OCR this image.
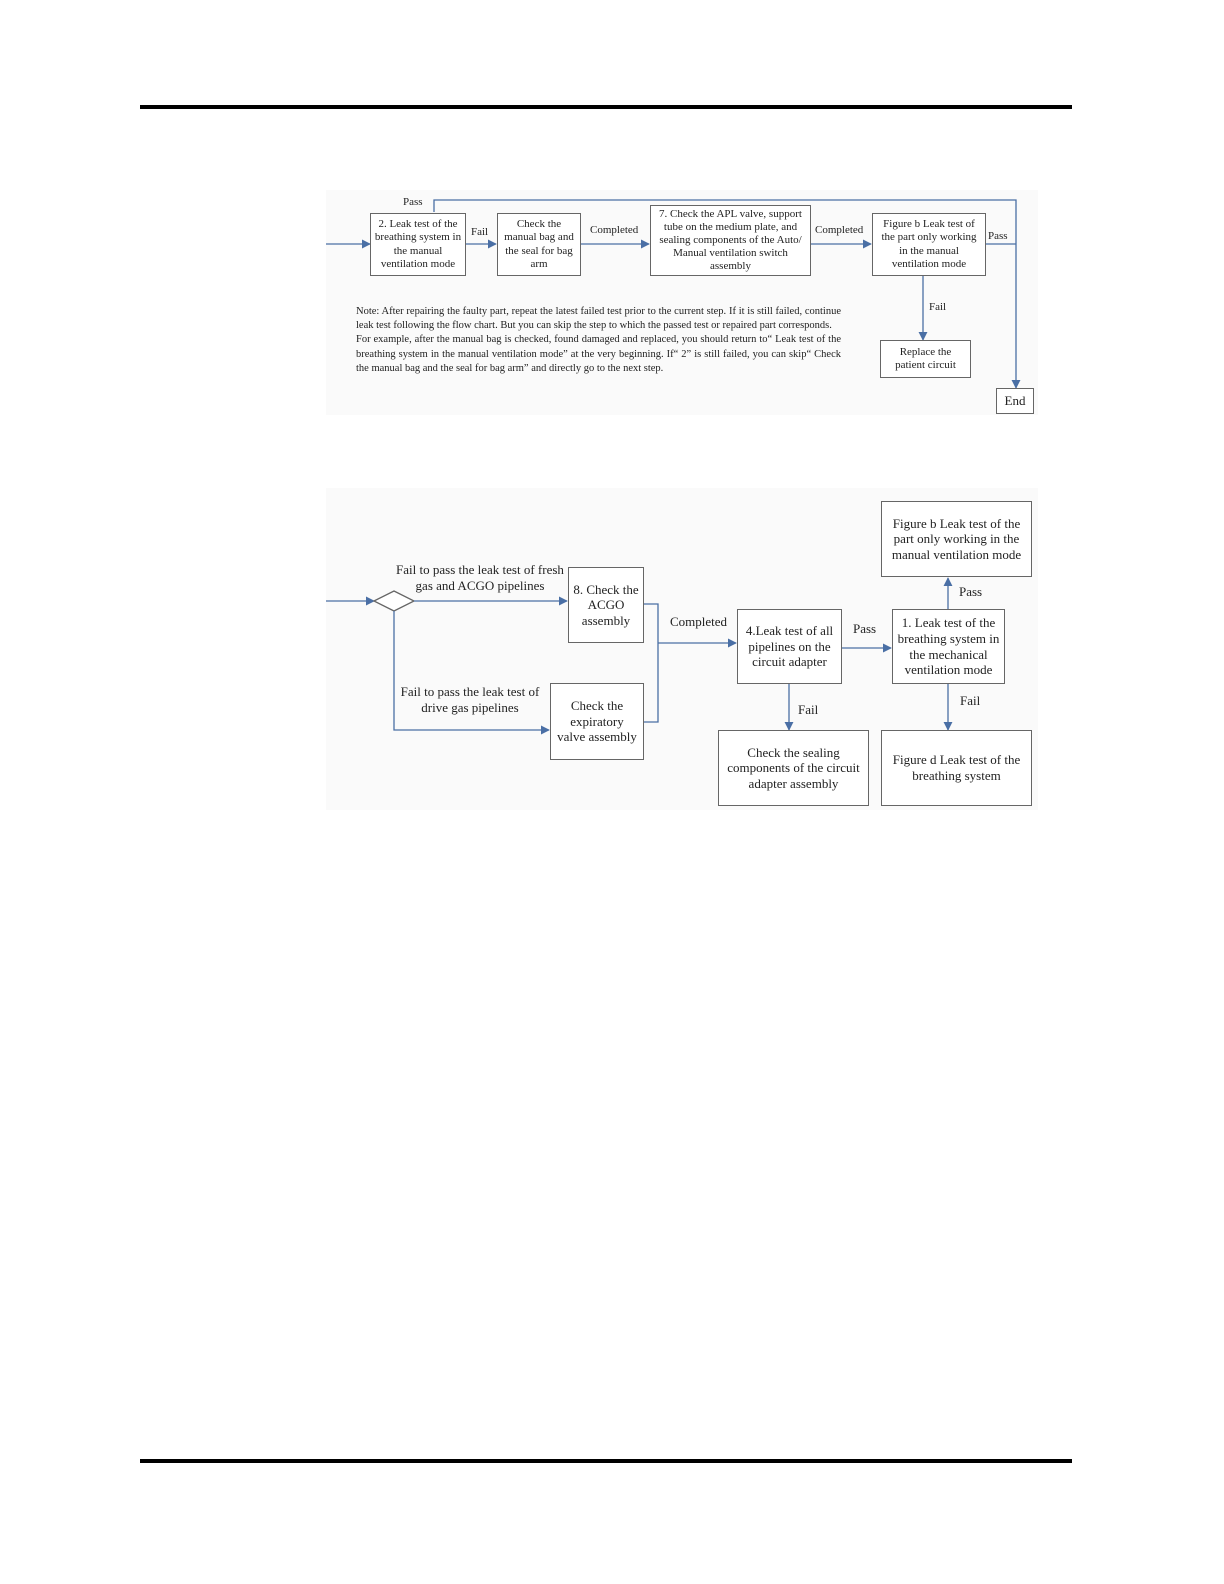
2. Leak test of the breathing system in the manual ventilation mode
Check the manual bag and the seal for bag arm
7. Check the APL valve, support tube on the medium plate, and sealing components of the Auto/ Manual ventilation switch assembly
Figure b Leak test of the part only working in the manual ventilation mode
Replace the patient circuit
End
Pass
Fail	Completed	Completed	Pass
Fail

Note: After repairing the faulty part, repeat the latest failed test prior to the current step. If it is still failed, continue leak test following the flow chart. But you can skip the step to which the passed test or repaired part corresponds.

For example, after the manual bag is checked, found damaged and replaced, you should return to“ Leak test of the breathing system in the manual ventilation mode” at the very beginning. If“ 2” is still failed, you can skip“ Check the manual bag and the seal for bag arm” and directly go to the next step.

8. Check the ACGO assembly
Check the expiratory valve assembly
4.Leak test of all pipelines on the circuit adapter
1. Leak test of the breathing system in the mechanical ventilation mode
Figure b Leak test of the part only working in the manual ventilation mode
Check the sealing components of the circuit adapter assembly
Figure d Leak test of the breathing system
Fail to pass the leak test of fresh gas and ACGO pipelines
Fail to pass the leak test of drive gas pipelines
Completed	Pass
Pass
Fail
Fail
